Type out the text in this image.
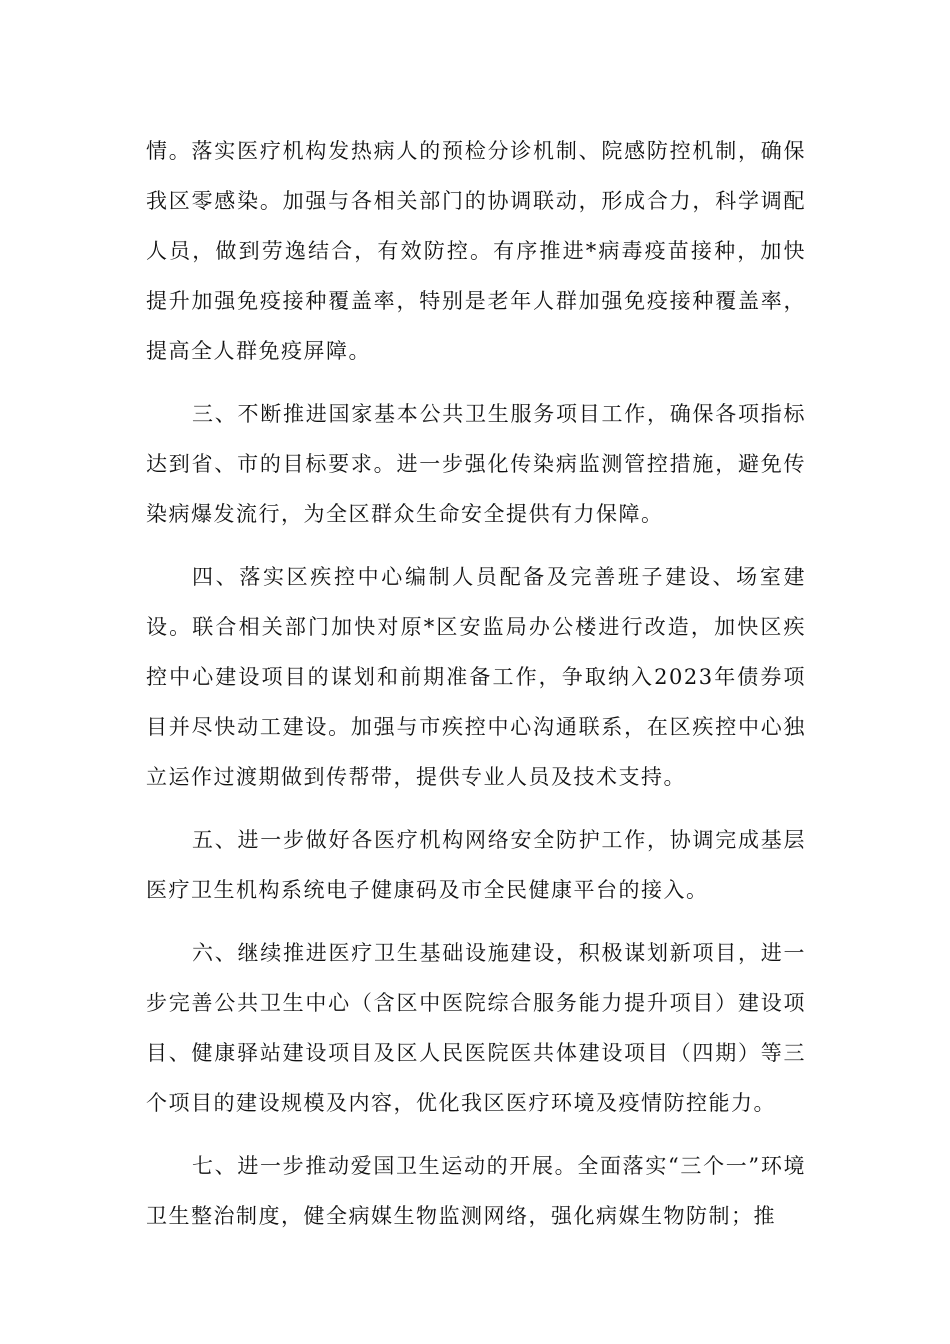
情。落实医疗机构发热病人的预检分诊机制、院感防控机制，确保我区零感染。加强与各相关部门的协调联动，形成合力，科学调配人员，做到劳逸结合，有效防控。有序推进*病毒疫苗接种，加快提升加强免疫接种覆盖率，特别是老年人群加强免疫接种覆盖率，提高全人群免疫屏障。

三、不断推进国家基本公共卫生服务项目工作，确保各项指标达到省、市的目标要求。进一步强化传染病监测管控措施，避免传染病爆发流行，为全区群众生命安全提供有力保障。

四、落实区疾控中心编制人员配备及完善班子建设、场室建设。联合相关部门加快对原*区安监局办公楼进行改造，加快区疾控中心建设项目的谋划和前期准备工作，争取纳入2023年债券项目并尽快动工建设。加强与市疾控中心沟通联系，在区疾控中心独立运作过渡期做到传帮带，提供专业人员及技术支持。

五、进一步做好各医疗机构网络安全防护工作，协调完成基层医疗卫生机构系统电子健康码及市全民健康平台的接入。

六、继续推进医疗卫生基础设施建设，积极谋划新项目，进一步完善公共卫生中心（含区中医院综合服务能力提升项目）建设项目、健康驿站建设项目及区人民医院医共体建设项目（四期）等三个项目的建设规模及内容，优化我区医疗环境及疫情防控能力。

七、进一步推动爱国卫生运动的开展。全面落实“三个一”环境卫生整治制度，健全病媒生物监测网络，强化病媒生物防制；推
